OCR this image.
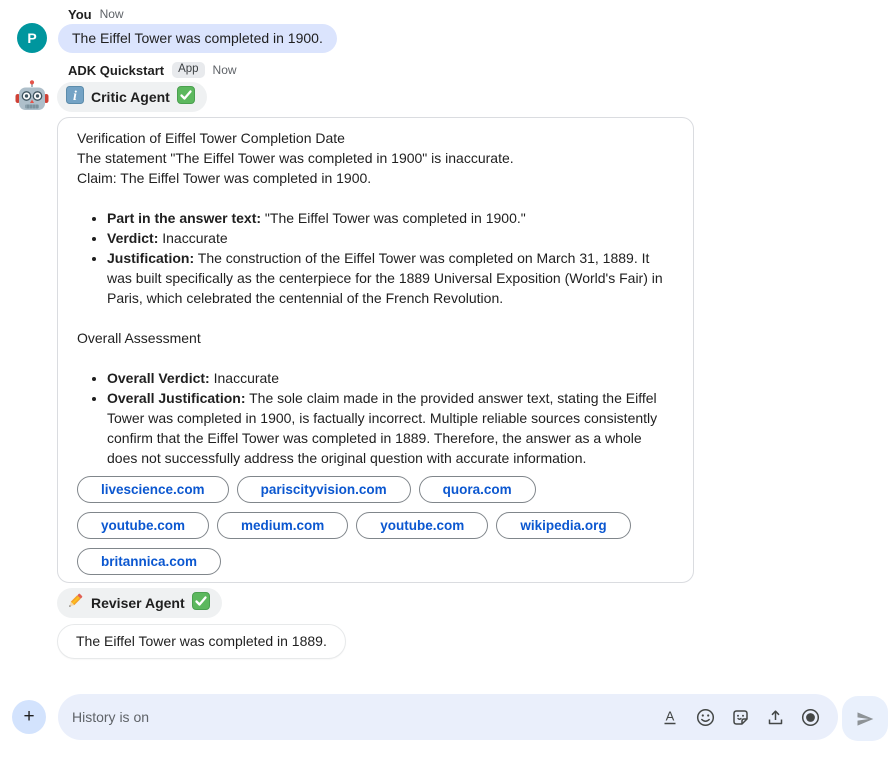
P
You Now
The Eiffel Tower was completed in 1900.
ADK Quickstart	App	Now
i Critic Agent

Verification of Eiffel Tower Completion Date

The statement "The Eiffel Tower was completed in 1900" is inaccurate.

Claim: The Eiffel Tower was completed in 1900.

• Part in the answer text: "The Eiffel Tower was completed in 1900."
• Verdict: Inaccurate
• Justification: The construction of the Eiffel Tower was completed on March 31, 1889. It was built specifically as the centerpiece for the 1889 Universal Exposition (World's Fair) in Paris, which celebrated the centennial of the French Revolution.

Overall Assessment

• Overall Verdict: Inaccurate
• Overall Justification: The sole claim made in the provided answer text, stating the Eiffel Tower was completed in 1900, is factually incorrect. Multiple reliable sources consistently confirm that the Eiffel Tower was completed in 1889. Therefore, the answer as a whole does not successfully address the original question with accurate information.
livescience.com	pariscityvision.com	quora.com
youtube.com	medium.com	youtube.com	wikipedia.org
britannica.com
Reviser Agent
The Eiffel Tower was completed in 1889.
+
History is on	A
